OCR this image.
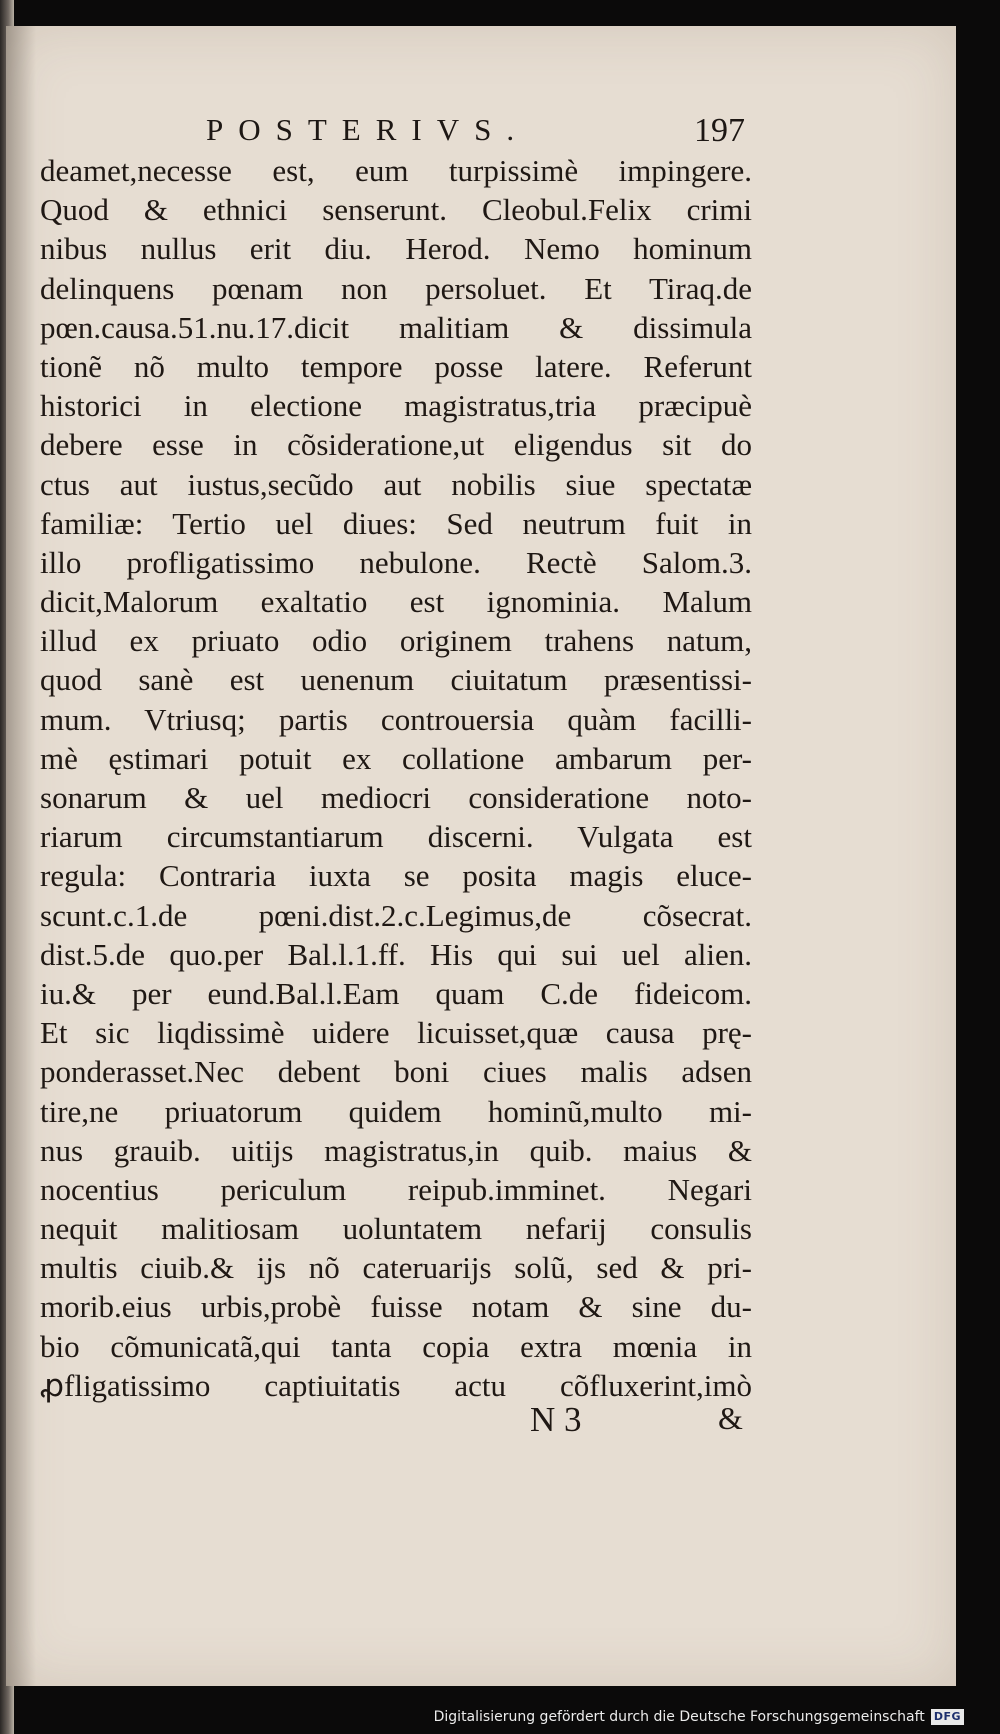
POSTERIVS.	197
deamet,necesse est, eum turpissimè impingere.
Quod & ethnici senserunt. Cleobul.Felix crimi
nibus nullus erit diu. Herod. Nemo hominum
delinquens pœnam non persoluet. Et Tiraq.de
pœn.causa.51.nu.17.dicit malitiam & dissimula
tionẽ nõ multo tempore posse latere. Referunt
historici in electione magistratus,tria præcipuè
debere esse in cõsideratione,ut eligendus sit do
ctus aut iustus,secũdo aut nobilis siue spectatæ
familiæ: Tertio uel diues: Sed neutrum fuit in
illo profligatissimo nebulone. Rectè Salom.3.
dicit,Malorum exaltatio est ignominia. Malum
illud ex priuato odio originem trahens natum,
quod sanè est uenenum ciuitatum præsentissi-
mum. Vtriusq; partis controuersia quàm facilli-
mè ęstimari potuit ex collatione ambarum per-
sonarum & uel mediocri consideratione noto-
riarum circumstantiarum discerni. Vulgata est
regula: Contraria iuxta se posita magis eluce-
scunt.c.1.de pœni.dist.2.c.Legimus,de cõsecrat.
dist.5.de quo.per Bal.l.1.ff. His qui sui uel alien.
iu.& per eund.Bal.l.Eam quam C.de fideicom.
Et sic liqdissimè uidere licuisset,quæ causa prę-
ponderasset.Nec debent boni ciues malis adsen
tire,ne priuatorum quidem hominũ,multo mi-
nus grauib. uitijs magistratus,in quib. maius &
nocentius periculum reipub.imminet. Negari
nequit malitiosam uoluntatem nefarij consulis
multis ciuib.& ijs nõ cateruarijs solũ, sed & pri-
morib.eius urbis,probè fuisse notam & sine du-
bio cõmunicatã,qui tanta copia extra mœnia in
ꝓfligatissimo captiuitatis actu cõfluxerint,imò
N 3	&
Digitalisierung gefördert durch die Deutsche Forschungsgemeinschaft DFG
